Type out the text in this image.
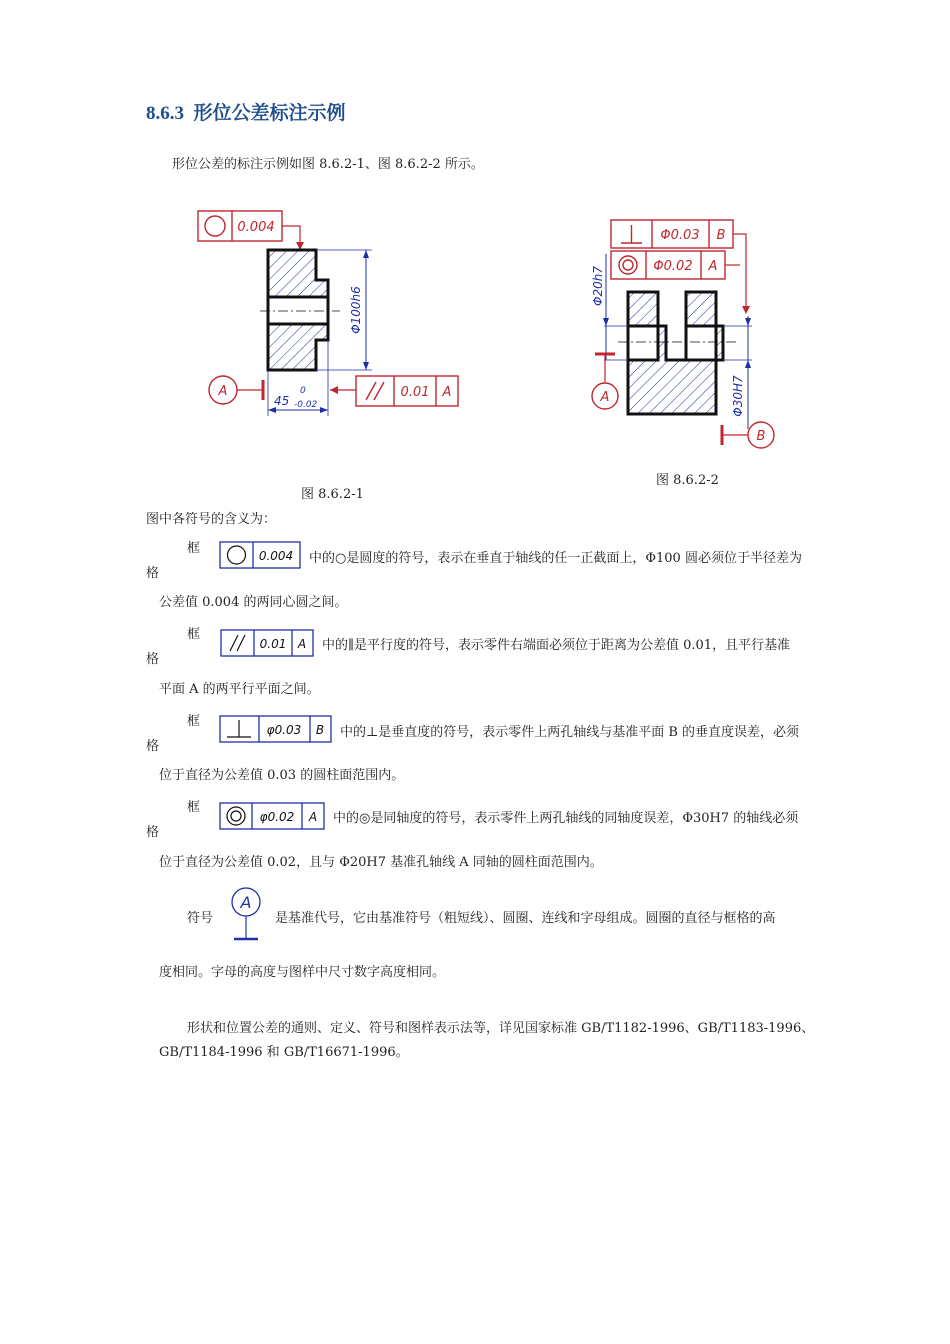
8.6.3 形位公差标注示例
形位公差的标注示例如图 8.6.2-1、图 8.6.2-2 所示。
0.004
Φ100h6
45
0
-0.02
A	0.01 A
图 8.6.2-1
Φ0.03 B
Φ0.02 A
Φ20h7
Φ30H7
A
B
图 8.6.2-2
图中各符号的含义为：
框
格
0.004 中的○是圆度的符号，表示在垂直于轴线的任一正截面上，Φ100 圆必须位于半径差为
公差值 0.004 的两同心圆之间。
框
格
0.01 A 中的∥是平行度的符号，表示零件右端面必须位于距离为公差值 0.01，且平行基准
平面 A 的两平行平面之间。
框
格
φ0.03 B 中的⊥是垂直度的符号，表示零件上两孔轴线与基准平面 B 的垂直度误差，必须
位于直径为公差值 0.03 的圆柱面范围内。
框
格
φ0.02 A 中的◎是同轴度的符号，表示零件上两孔轴线的同轴度误差，Φ30H7 的轴线必须
位于直径为公差值 0.02，且与 Φ20H7 基准孔轴线 A 同轴的圆柱面范围内。
符号
A
是基准代号，它由基准符号（粗短线）、圆圈、连线和字母组成。圆圈的直径与框格的高
度相同。字母的高度与图样中尺寸数字高度相同。
形状和位置公差的通则、定义、符号和图样表示法等，详见国家标准 GB/T1182-1996、GB/T1183-1996、
GB/T1184-1996 和 GB/T16671-1996。
